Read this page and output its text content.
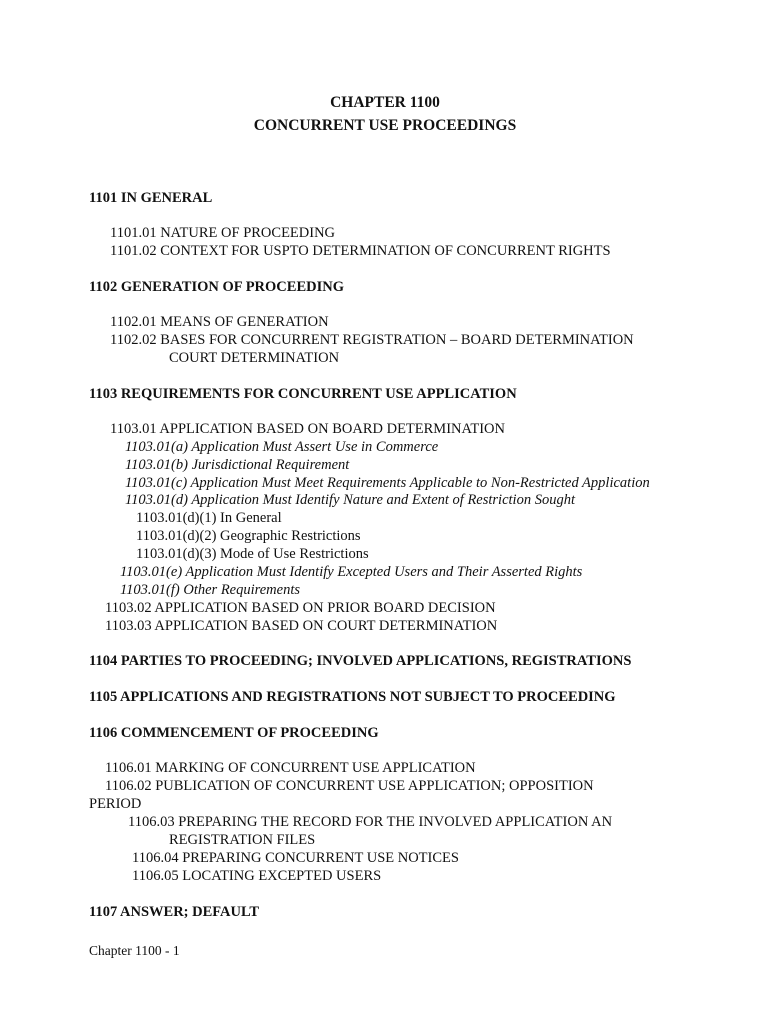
CHAPTER 1100
CONCURRENT USE PROCEEDINGS
1101 IN GENERAL
1101.01 NATURE OF PROCEEDING
1101.02 CONTEXT FOR USPTO DETERMINATION OF CONCURRENT RIGHTS
1102 GENERATION OF PROCEEDING
1102.01 MEANS OF GENERATION
1102.02 BASES FOR CONCURRENT REGISTRATION – BOARD DETERMINATION
COURT DETERMINATION
1103 REQUIREMENTS FOR CONCURRENT USE APPLICATION
1103.01 APPLICATION BASED ON BOARD DETERMINATION
1103.01(a) Application Must Assert Use in Commerce
1103.01(b) Jurisdictional Requirement
1103.01(c) Application Must Meet Requirements Applicable to Non-Restricted Application
1103.01(d) Application Must Identify Nature and Extent of Restriction Sought
1103.01(d)(1) In General
1103.01(d)(2) Geographic Restrictions
1103.01(d)(3) Mode of Use Restrictions
1103.01(e) Application Must Identify Excepted Users and Their Asserted Rights
1103.01(f) Other Requirements
1103.02 APPLICATION BASED ON PRIOR BOARD DECISION
1103.03 APPLICATION BASED ON COURT DETERMINATION
1104 PARTIES TO PROCEEDING; INVOLVED APPLICATIONS, REGISTRATIONS
1105 APPLICATIONS AND REGISTRATIONS NOT SUBJECT TO PROCEEDING
1106 COMMENCEMENT OF PROCEEDING
1106.01 MARKING OF CONCURRENT USE APPLICATION
1106.02 PUBLICATION OF CONCURRENT USE APPLICATION; OPPOSITION
PERIOD
1106.03 PREPARING THE RECORD FOR THE INVOLVED APPLICATION AN
REGISTRATION FILES
1106.04 PREPARING CONCURRENT USE NOTICES
1106.05 LOCATING EXCEPTED USERS
1107 ANSWER; DEFAULT
Chapter 1100 - 1
